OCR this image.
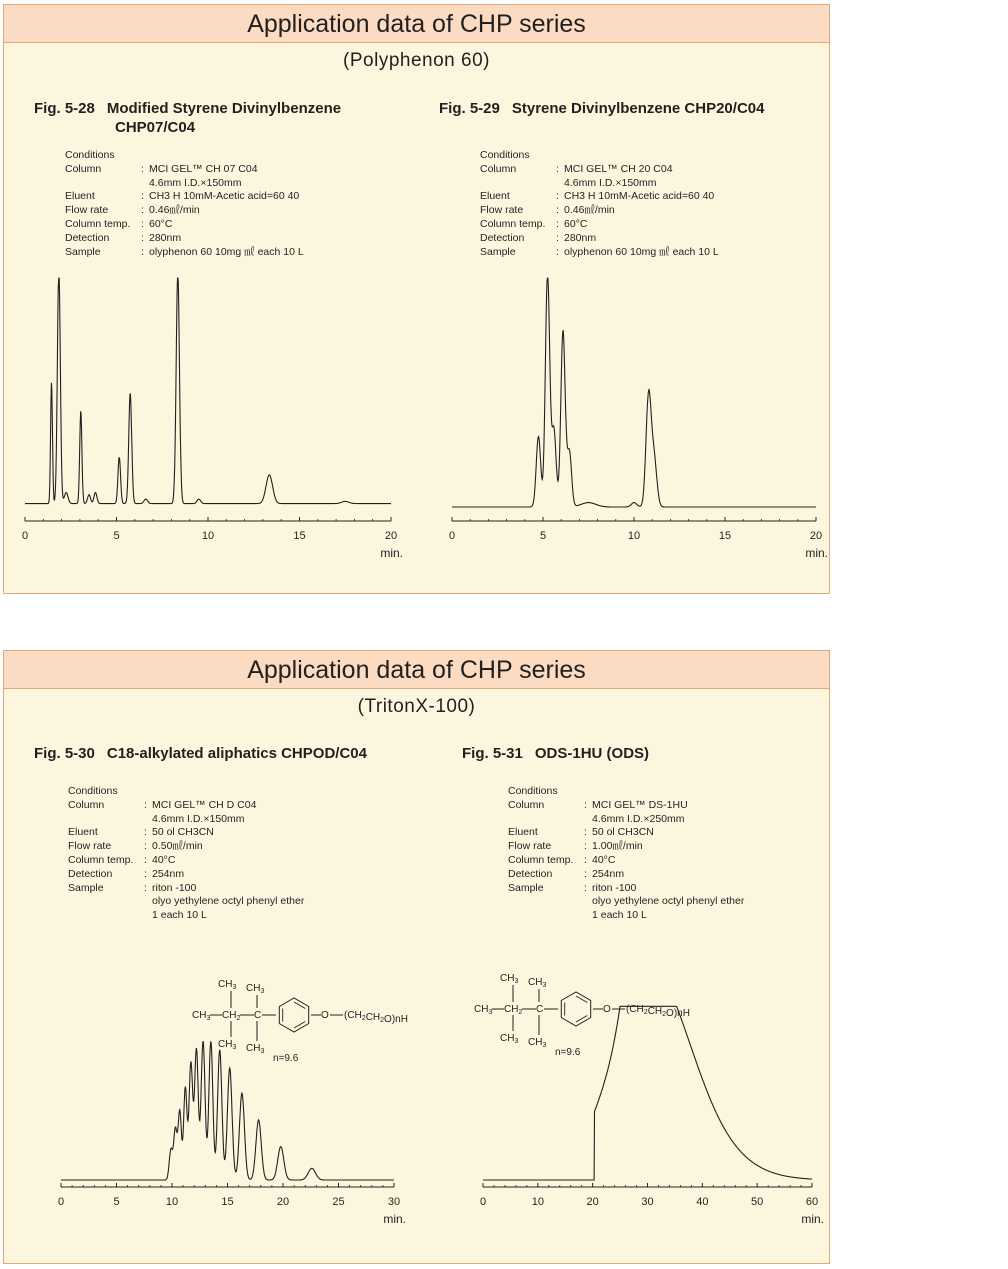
Application data of CHP series
(Polyphenon 60)
Fig. 5-28 Modified Styrene Divinylbenzene
CHP07/C04
Conditions
Column	:	MCI GEL™ CH 07 C04
		4.6mm I.D.×150mm
Eluent	:	CH3 H 10mM-Acetic acid=60 40
Flow rate	:	0.46㎖/min
Column temp.	:	60°C
Detection	:	280nm
Sample	:	olyphenon 60 10mg ㎖ each 10 L
0	5	10	15	20
min.
Fig. 5-29 Styrene Divinylbenzene CHP20/C04
Conditions
Column	:	MCI GEL™ CH 20 C04
		4.6mm I.D.×150mm
Eluent	:	CH3 H 10mM-Acetic acid=60 40
Flow rate	:	0.46㎖/min
Column temp.	:	60°C
Detection	:	280nm
Sample	:	olyphenon 60 10mg ㎖ each 10 L
0	5	10	15	20
min.
Application data of CHP series
(TritonX-100)
Fig. 5-30 C18-alkylated aliphatics CHPOD/C04
Conditions
Column	:	MCI GEL™ CH D C04
		4.6mm I.D.×150mm
Eluent	:	50 ol CH3CN
Flow rate	:	0.50㎖/min
Column temp.	:	40°C
Detection	:	254nm
Sample	:	riton -100
		olyo yethylene octyl phenyl ether
		1 each 10 L
$CH_3$ $CH_2$ C
$CH_3$
$CH_3$
$CH_3$
$CH_3$
O $(CH_2CH_2O)nH$
n=9.6
0	5	10	15	20	25	30
min.
Fig. 5-31 ODS-1HU (ODS)
Conditions
Column	:	MCI GEL™ DS-1HU
		4.6mm I.D.×250mm
Eluent	:	50 ol CH3CN
Flow rate	:	1.00㎖/min
Column temp.	:	40°C
Detection	:	254nm
Sample	:	riton -100
		olyo yethylene octyl phenyl ether
		1 each 10 L
$CH_3$ $CH_2$ C
$CH_3$
$CH_3$
$CH_3$
$CH_3$
O $(CH_2CH_2O)nH$
n=9.6
0	10	20	30	40	50	60
min.
